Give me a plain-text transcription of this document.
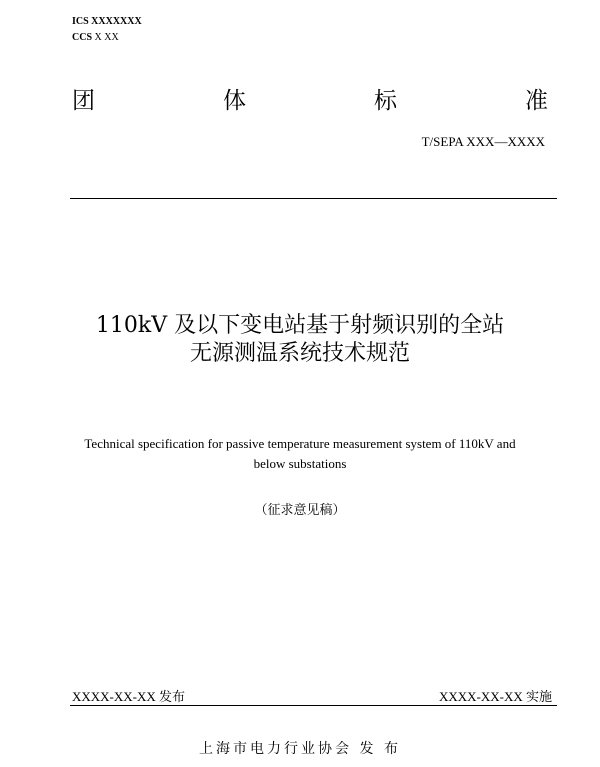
ICS XXXXXXX
CCS X XX
团	体	标	准
T/SEPA XXX—XXXX
110kV 及以下变电站基于射频识别的全站
无源测温系统技术规范
Technical specification for passive temperature measurement system of 110kV and
below substations
（征求意见稿）
XXXX-XX-XX 发布	XXXX-XX-XX 实施
上海市电力行业协会 发 布
